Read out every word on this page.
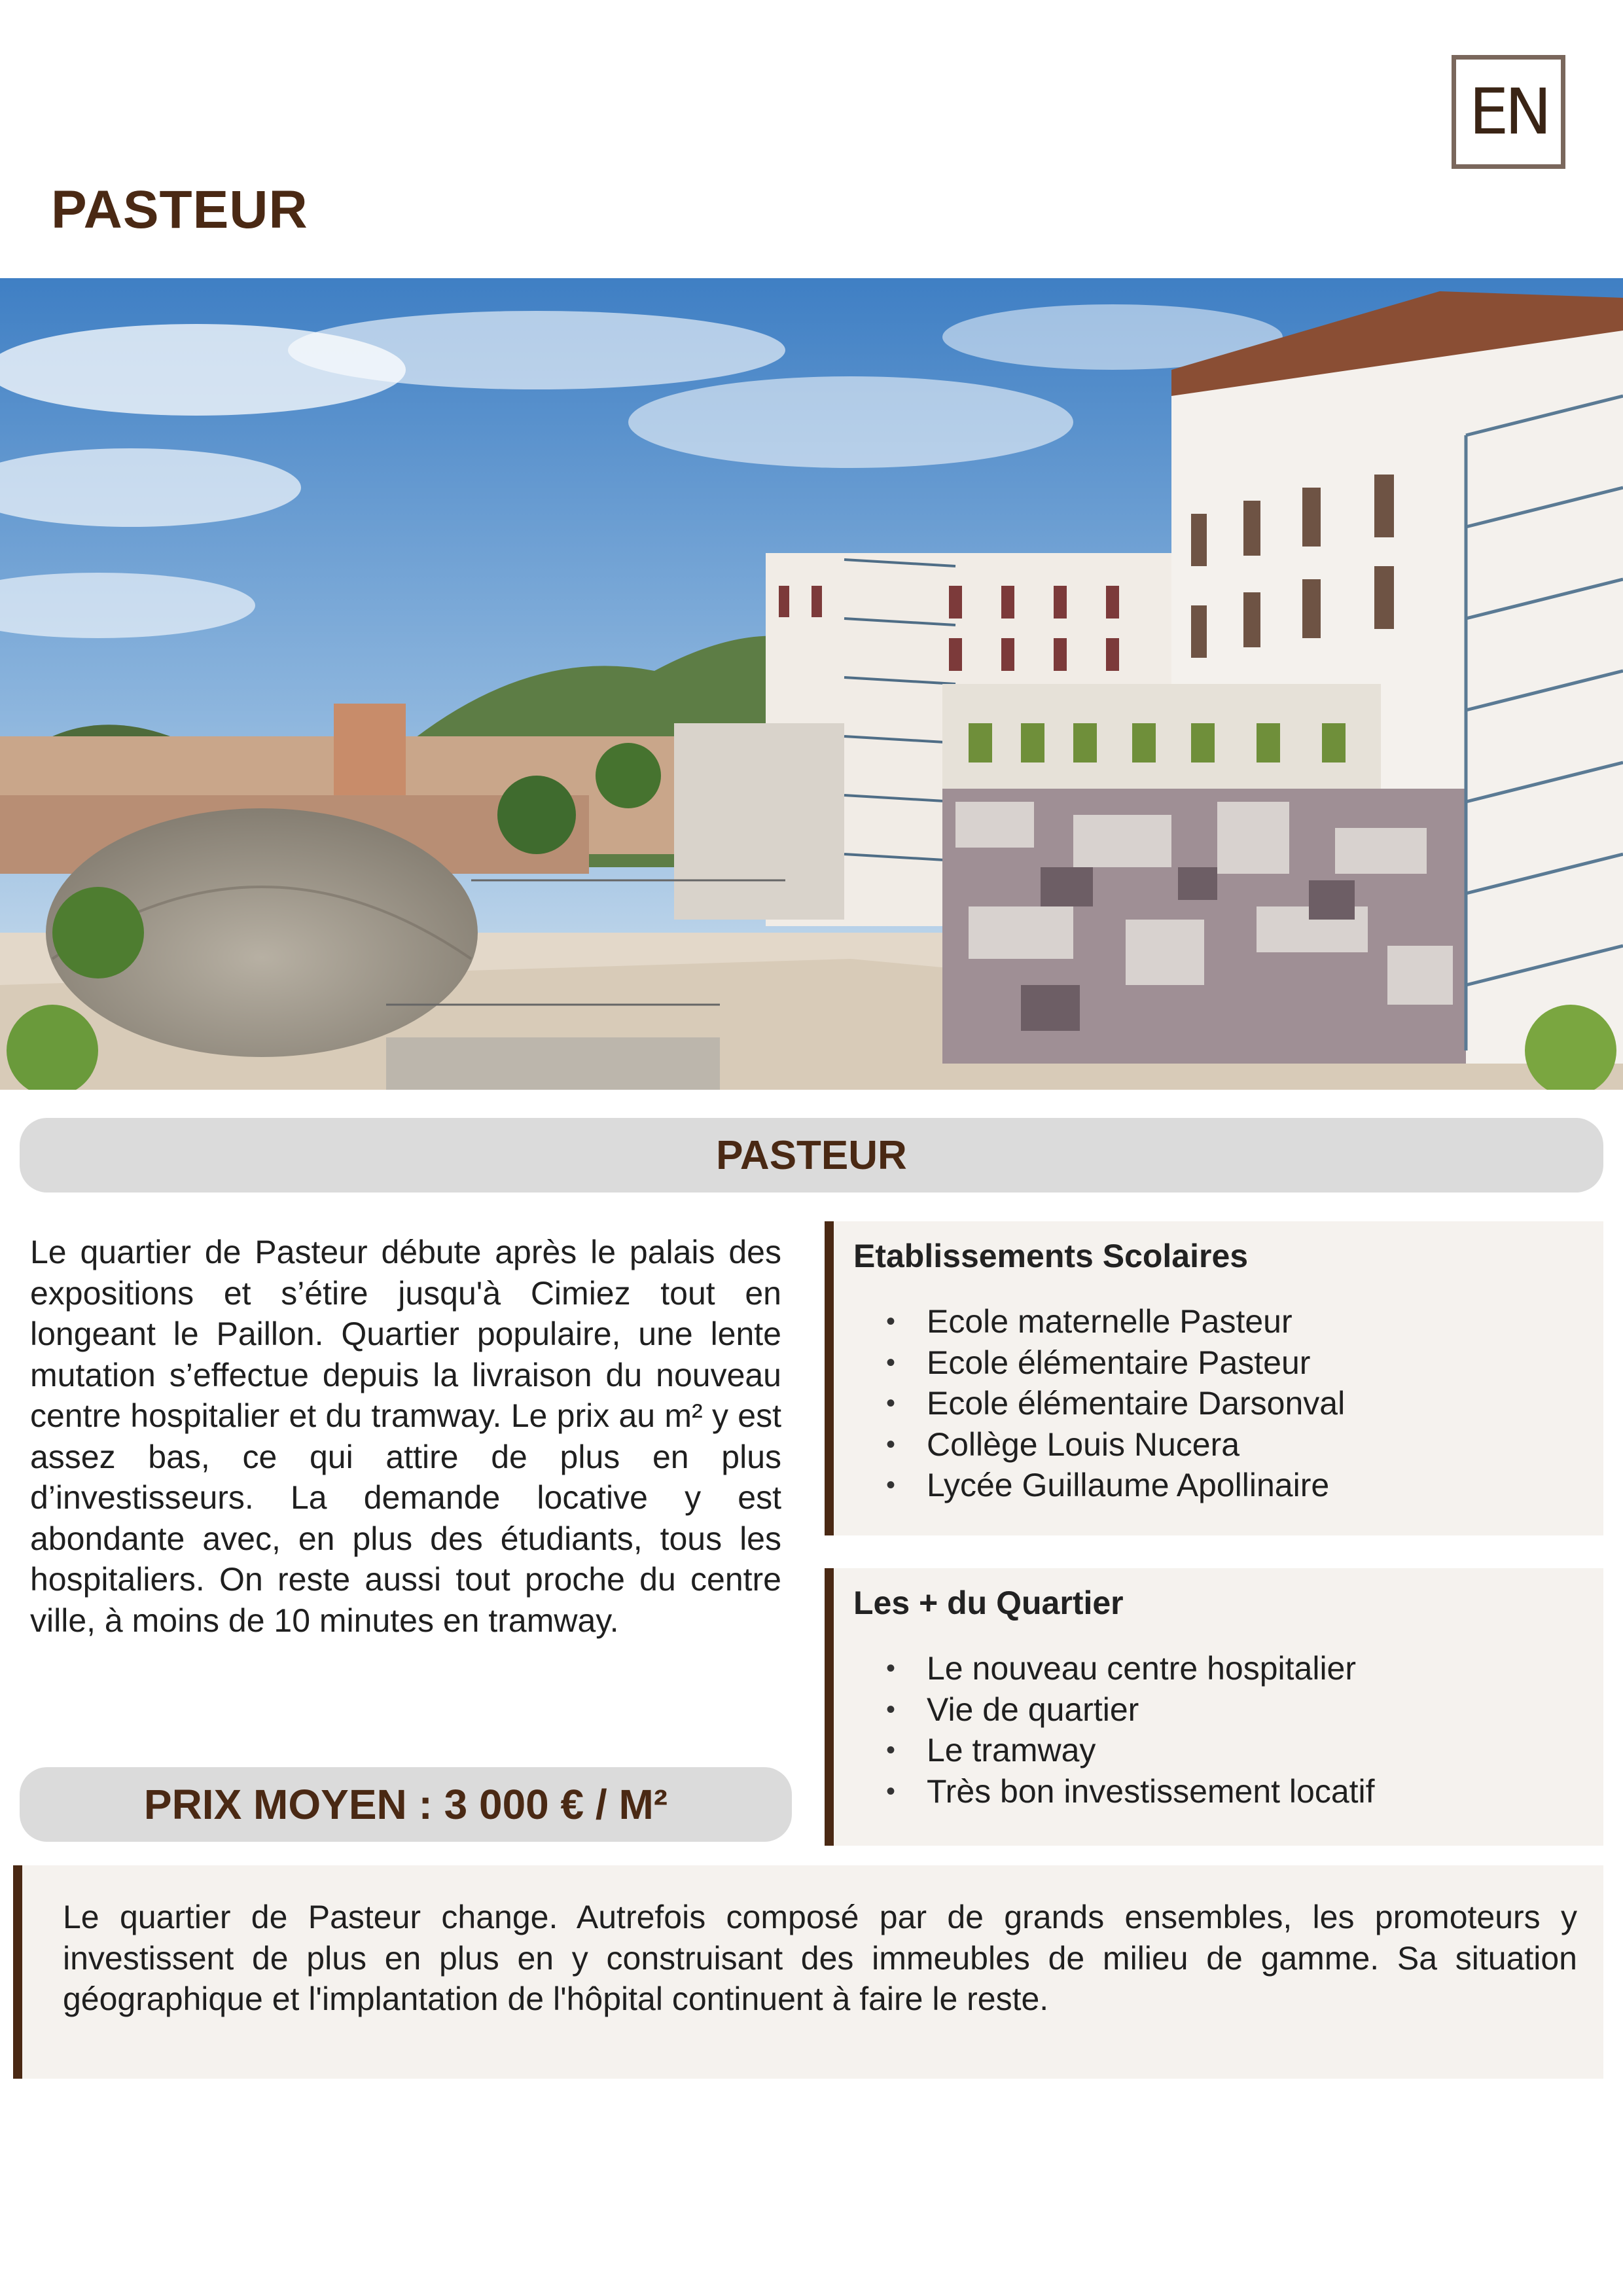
EN
PASTEUR
PASTEUR

Le quartier de Pasteur débute après le palais des expositions et s’étire jusqu'à Cimiez tout en longeant le Paillon. Quartier populaire, une lente mutation s’effectue depuis la livraison du nouveau centre hospitalier et du tramway. Le prix au m² y est assez bas, ce qui attire de plus en plus d’investisseurs. La demande locative y est abondante avec, en plus des étudiants, tous les hospitaliers. On reste aussi tout proche du centre ville, à moins de 10 minutes en tramway.

PRIX MOYEN : 3 000 € / M²
Etablissements Scolaires
• Ecole maternelle Pasteur
• Ecole élémentaire Pasteur
• Ecole élémentaire Darsonval
• Collège Louis Nucera
• Lycée Guillaume Apollinaire
Les + du Quartier
• Le nouveau centre hospitalier
• Vie de quartier
• Le tramway
• Très bon investissement locatif

Le quartier de Pasteur change. Autrefois composé par de grands ensembles, les promoteurs y investissent de plus en plus en y construisant des immeubles de milieu de gamme. Sa situation géographique et l'implantation de l'hôpital continuent à faire le reste.
